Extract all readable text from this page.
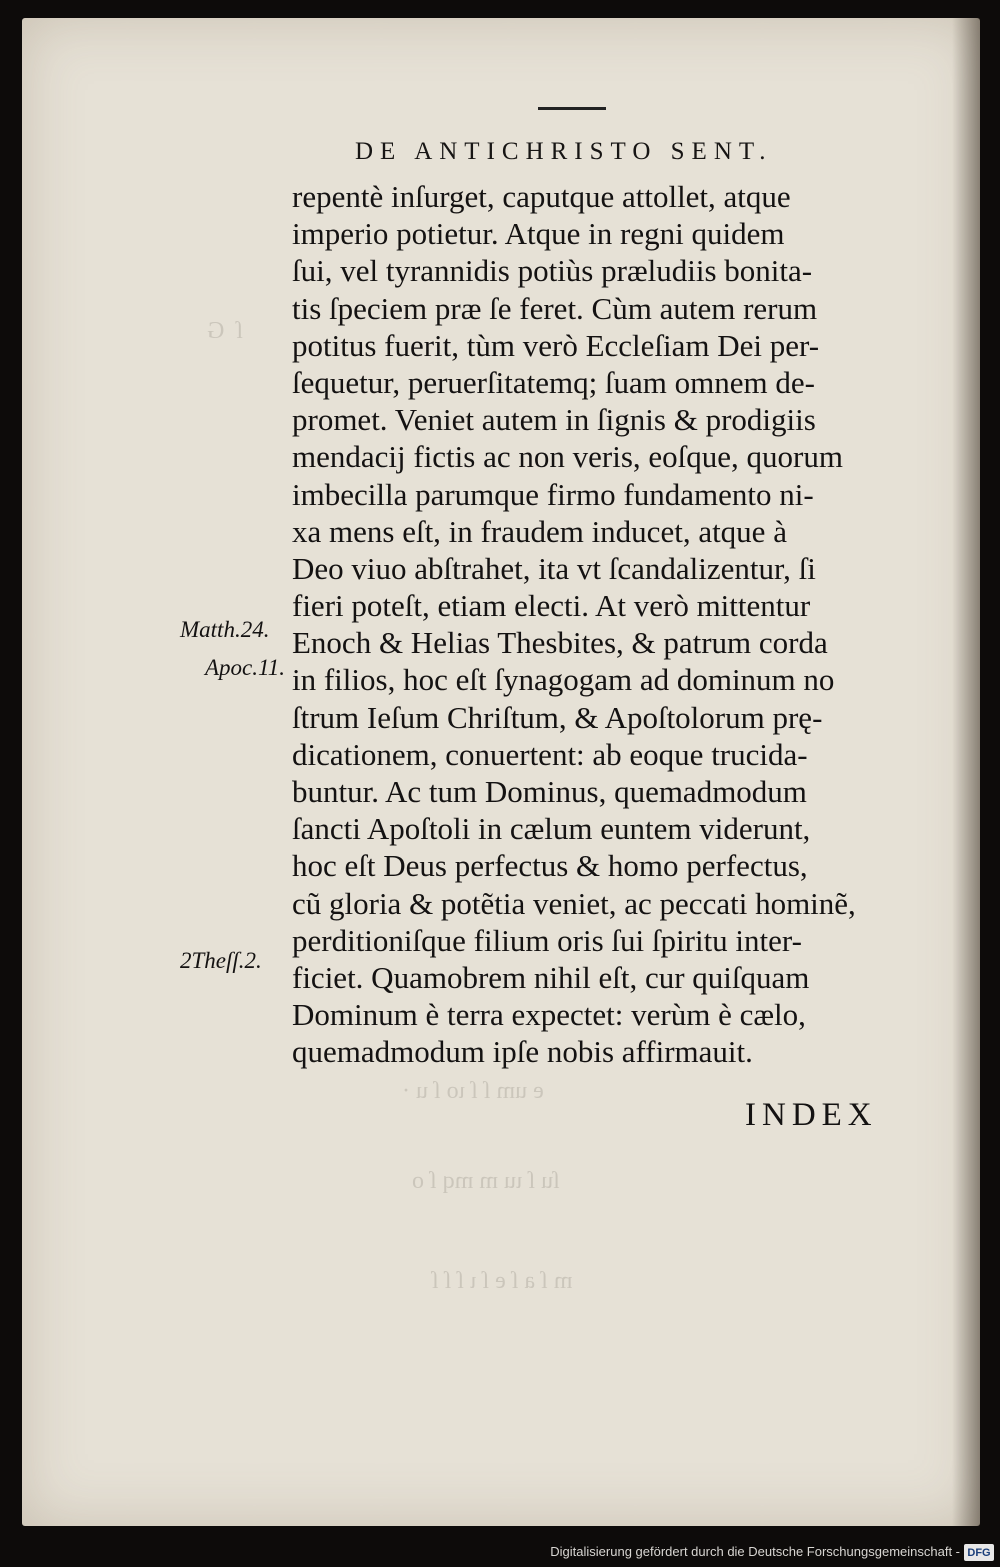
ſ  G
e um ſ ſ ιo ſ u ·
ſu ſ ιu m mq ſ o
m ſ a ſ e ſ ι ſ ſ ſ
DE ANTICHRISTO SENT.
repentè inſurget, caputque attollet, atque
imperio potietur. Atque in regni quidem
ſui, vel tyrannidis potiùs præludiis bonita-
tis ſpeciem præ ſe feret. Cùm autem rerum
potitus fuerit, tùm verò Eccleſiam Dei per-
ſequetur, peruerſitatemq; ſuam omnem de-
promet. Veniet autem in ſignis & prodigiis
mendacij fictis ac non veris, eoſque, quorum
imbecilla parumque firmo fundamento ni-
xa mens eſt, in fraudem inducet, atque à
Deo viuo abſtrahet, ita vt ſcandalizentur, ſi
fieri poteſt, etiam electi. At verò mittentur
Enoch & Helias Thesbites, & patrum corda
in filios, hoc eſt ſynagogam ad dominum no
ſtrum Ieſum Chriſtum, & Apoſtolorum prę-
dicationem, conuertent: ab eoque trucida-
buntur. Ac tum Dominus, quemadmodum
ſancti Apoſtoli in cælum euntem viderunt,
hoc eſt Deus perfectus & homo perfectus,
cũ gloria & potẽtia veniet, ac peccati hominẽ,
perditioniſque filium oris ſui ſpiritu inter-
ficiet. Quamobrem nihil eſt, cur quiſquam
Dominum è terra expectet: verùm è cælo,
quemadmodum ipſe nobis affirmauit.
Matth.24.
Apoc.11.
2Theſſ.2.
INDEX
Digitalisierung gefördert durch die Deutsche Forschungsgemeinschaft - DFG
